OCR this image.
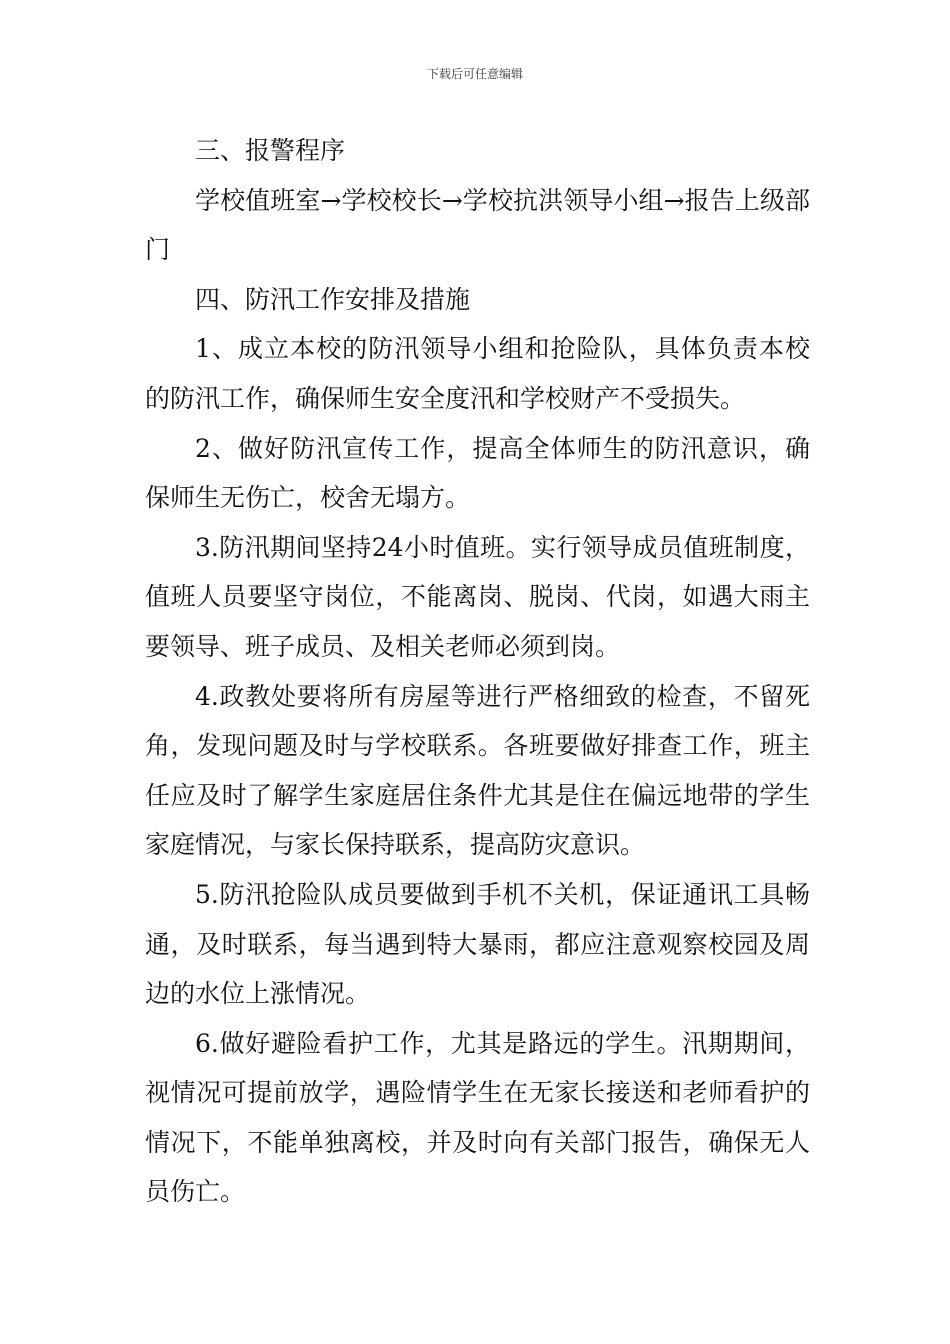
下载后可任意编辑

三、报警程序

学校值班室→学校校长→学校抗洪领导小组→报告上级部门

四、防汛工作安排及措施

1、成立本校的防汛领导小组和抢险队，具体负责本校的防汛工作，确保师生安全度汛和学校财产不受损失。

2、做好防汛宣传工作，提高全体师生的防汛意识，确保师生无伤亡，校舍无塌方。

3.防汛期间坚持24小时值班。实行领导成员值班制度，值班人员要坚守岗位，不能离岗、脱岗、代岗，如遇大雨主要领导、班子成员、及相关老师必须到岗。

4.政教处要将所有房屋等进行严格细致的检查，不留死角，发现问题及时与学校联系。各班要做好排查工作，班主任应及时了解学生家庭居住条件尤其是住在偏远地带的学生家庭情况，与家长保持联系，提高防灾意识。

5.防汛抢险队成员要做到手机不关机，保证通讯工具畅通，及时联系，每当遇到特大暴雨，都应注意观察校园及周边的水位上涨情况。

6.做好避险看护工作，尤其是路远的学生。汛期期间，视情况可提前放学，遇险情学生在无家长接送和老师看护的情况下，不能单独离校，并及时向有关部门报告，确保无人员伤亡。
